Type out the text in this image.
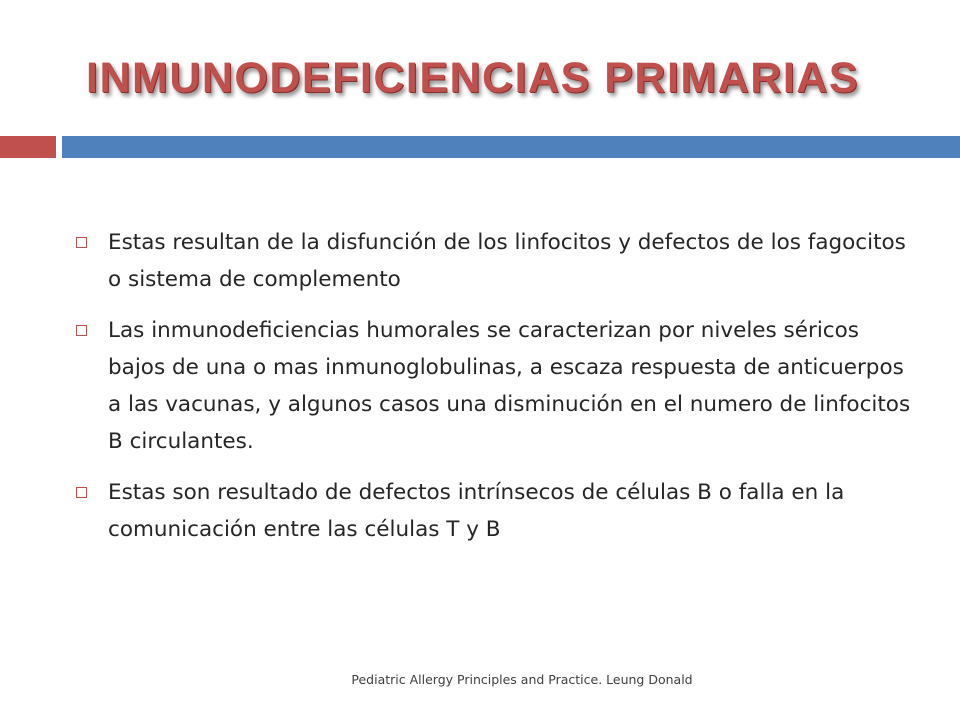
INMUNODEFICIENCIAS PRIMARIAS
Estas resultan de la disfunción de los linfocitos y defectos de los fagocitos o sistema de complemento
Las inmunodeficiencias humorales se caracterizan por niveles séricos bajos de una o mas inmunoglobulinas, a escaza respuesta de anticuerpos a las vacunas, y algunos casos una disminución en el numero de linfocitos B circulantes.
Estas son resultado de defectos intrínsecos de células B o falla en la comunicación entre las células T y B
Pediatric Allergy Principles and Practice. Leung Donald
